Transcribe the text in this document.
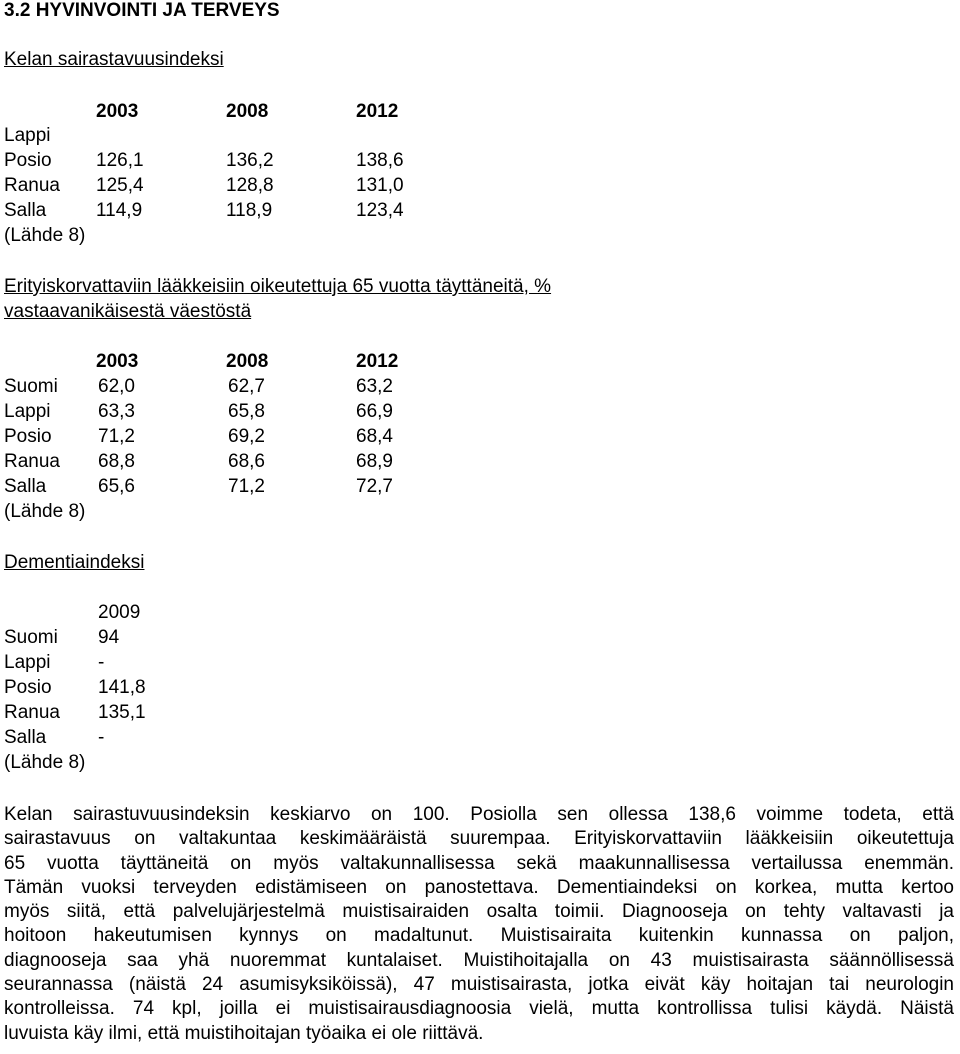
3.2 HYVINVOINTI JA TERVEYS
Kelan sairastavuusindeksi
2003	2008	2012
Lappi
Posio 126,1	136,2	138,6
Ranua 125,4	128,8	131,0
Salla	114,9	118,9	123,4
(Lähde 8)
Erityiskorvattaviin lääkkeisiin oikeutettuja 65 vuotta täyttäneitä, %
vastaavanikäisestä väestöstä
2003	2008	2012
Suomi 62,0	62,7	63,2
Lappi	63,3	65,8	66,9
Posio 71,2	69,2	68,4
Ranua 68,8	68,6	68,9
Salla	65,6	71,2	72,7
(Lähde 8)
Dementiaindeksi
2009
Suomi 94
Lappi	-
Posio 141,8
Ranua 135,1
Salla	-
(Lähde 8)
Kelan sairastuvuusindeksin keskiarvo on 100. Posiolla sen ollessa 138,6 voimme todeta, että
sairastavuus on valtakuntaa keskimääräistä suurempaa. Erityiskorvattaviin lääkkeisiin oikeutettuja
65 vuotta täyttäneitä on myös valtakunnallisessa sekä maakunnallisessa vertailussa enemmän.
Tämän vuoksi terveyden edistämiseen on panostettava. Dementiaindeksi on korkea, mutta kertoo
myös siitä, että palvelujärjestelmä muistisairaiden osalta toimii. Diagnooseja on tehty valtavasti ja
hoitoon hakeutumisen kynnys on madaltunut. Muistisairaita kuitenkin kunnassa on paljon,
diagnooseja saa yhä nuoremmat kuntalaiset. Muistihoitajalla on 43 muistisairasta säännöllisessä
seurannassa (näistä 24 asumisyksiköissä), 47 muistisairasta, jotka eivät käy hoitajan tai neurologin
kontrolleissa. 74 kpl, joilla ei muistisairausdiagnoosia vielä, mutta kontrollissa tulisi käydä. Näistä
luvuista käy ilmi, että muistihoitajan työaika ei ole riittävä.
